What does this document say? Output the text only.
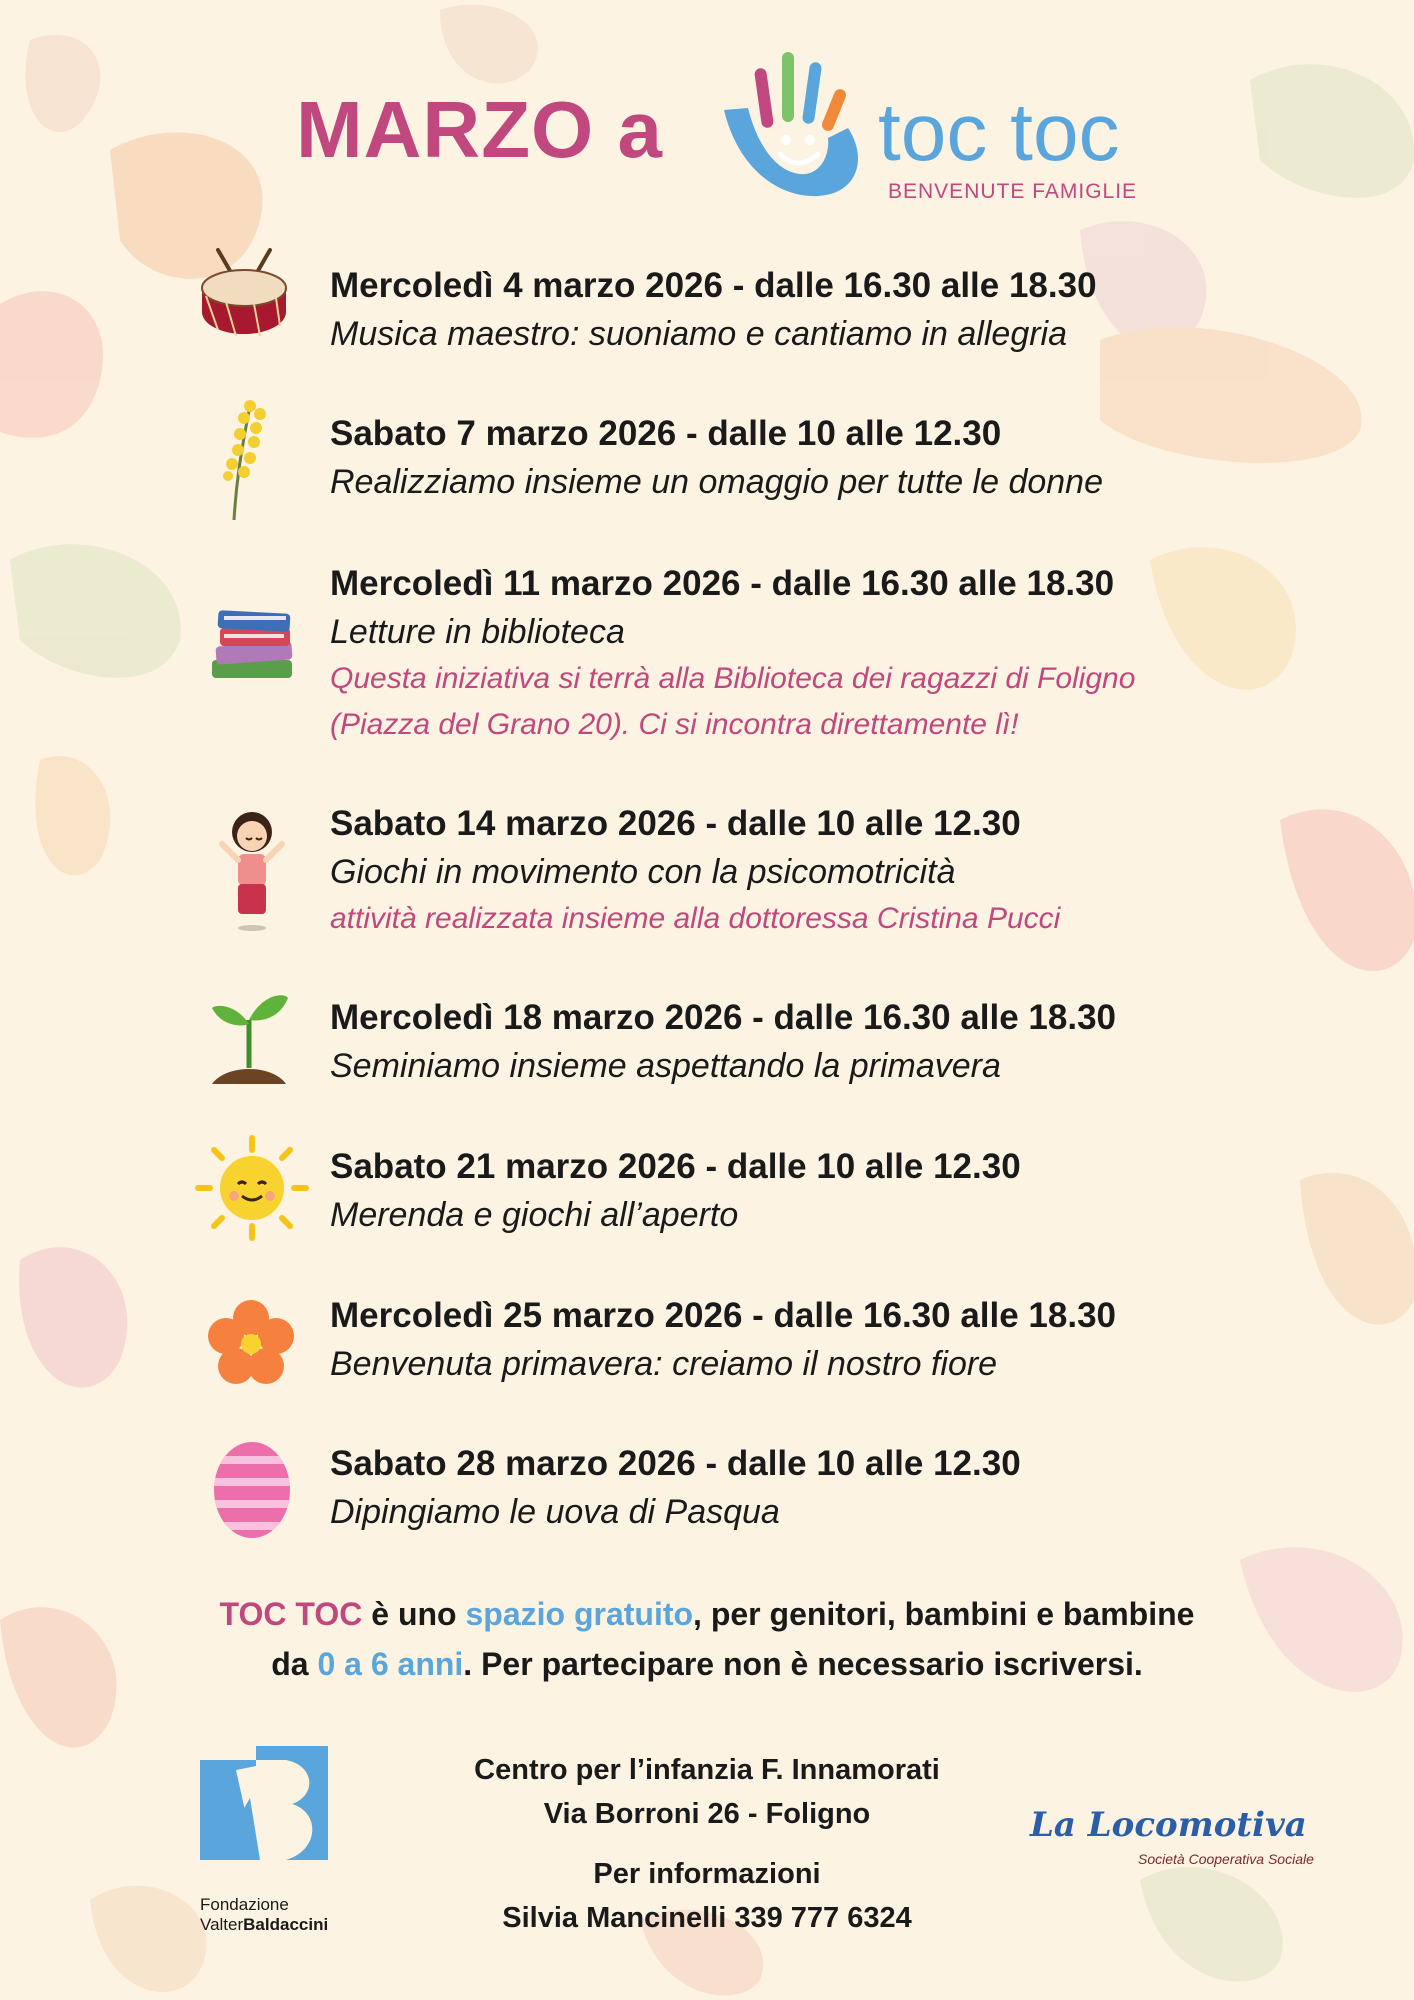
MARZO a	toc toc
BENVENUTE FAMIGLIE
Mercoledì 4 marzo 2026 - dalle 16.30 alle 18.30
Musica maestro: suoniamo e cantiamo in allegria
Sabato 7 marzo 2026 - dalle 10 alle 12.30
Realizziamo insieme un omaggio per tutte le donne
Mercoledì 11 marzo 2026 - dalle 16.30 alle 18.30
Letture in biblioteca
Questa iniziativa si terrà alla Biblioteca dei ragazzi di Foligno
(Piazza del Grano 20). Ci si incontra direttamente lì!
Sabato 14 marzo 2026 - dalle 10 alle 12.30
Giochi in movimento con la psicomotricità
attività realizzata insieme alla dottoressa Cristina Pucci
Mercoledì 18 marzo 2026 - dalle 16.30 alle 18.30
Seminiamo insieme aspettando la primavera
Sabato 21 marzo 2026 - dalle 10 alle 12.30
Merenda e giochi all’aperto
Mercoledì 25 marzo 2026 - dalle 16.30 alle 18.30
Benvenuta primavera: creiamo il nostro fiore
Sabato 28 marzo 2026 - dalle 10 alle 12.30
Dipingiamo le uova di Pasqua
TOC TOC è uno spazio gratuito, per genitori, bambini e bambine
da 0 a 6 anni. Per partecipare non è necessario iscriversi.
Fondazione
ValterBaldaccini
Centro per l’infanzia F. Innamorati
Via Borroni 26 - Foligno
Per informazioni
Silvia Mancinelli 339 777 6324
La Locomotiva
Società Cooperativa Sociale
